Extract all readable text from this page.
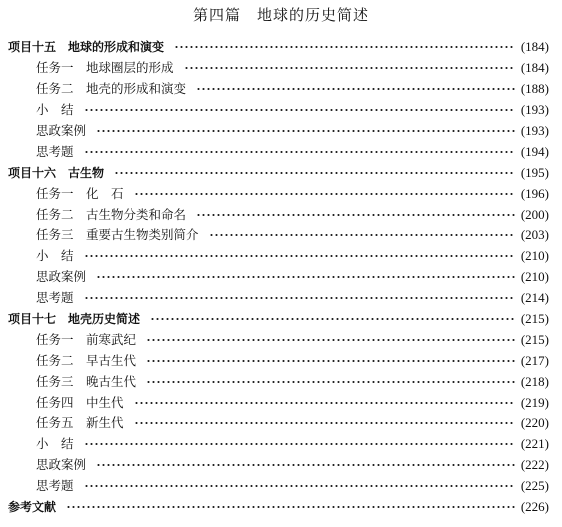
第四篇　地球的历史简述
项目十五　地球的形成和演变	(184)
任务一　地球圈层的形成	(184)
任务二　地壳的形成和演变	(188)
小　结	(193)
思政案例	(193)
思考题	(194)
项目十六　古生物	(195)
任务一　化　石	(196)
任务二　古生物分类和命名	(200)
任务三　重要古生物类别简介	(203)
小　结	(210)
思政案例	(210)
思考题	(214)
项目十七　地壳历史简述	(215)
任务一　前寒武纪	(215)
任务二　早古生代	(217)
任务三　晚古生代	(218)
任务四　中生代	(219)
任务五　新生代	(220)
小　结	(221)
思政案例	(222)
思考题	(225)
参考文献	(226)
